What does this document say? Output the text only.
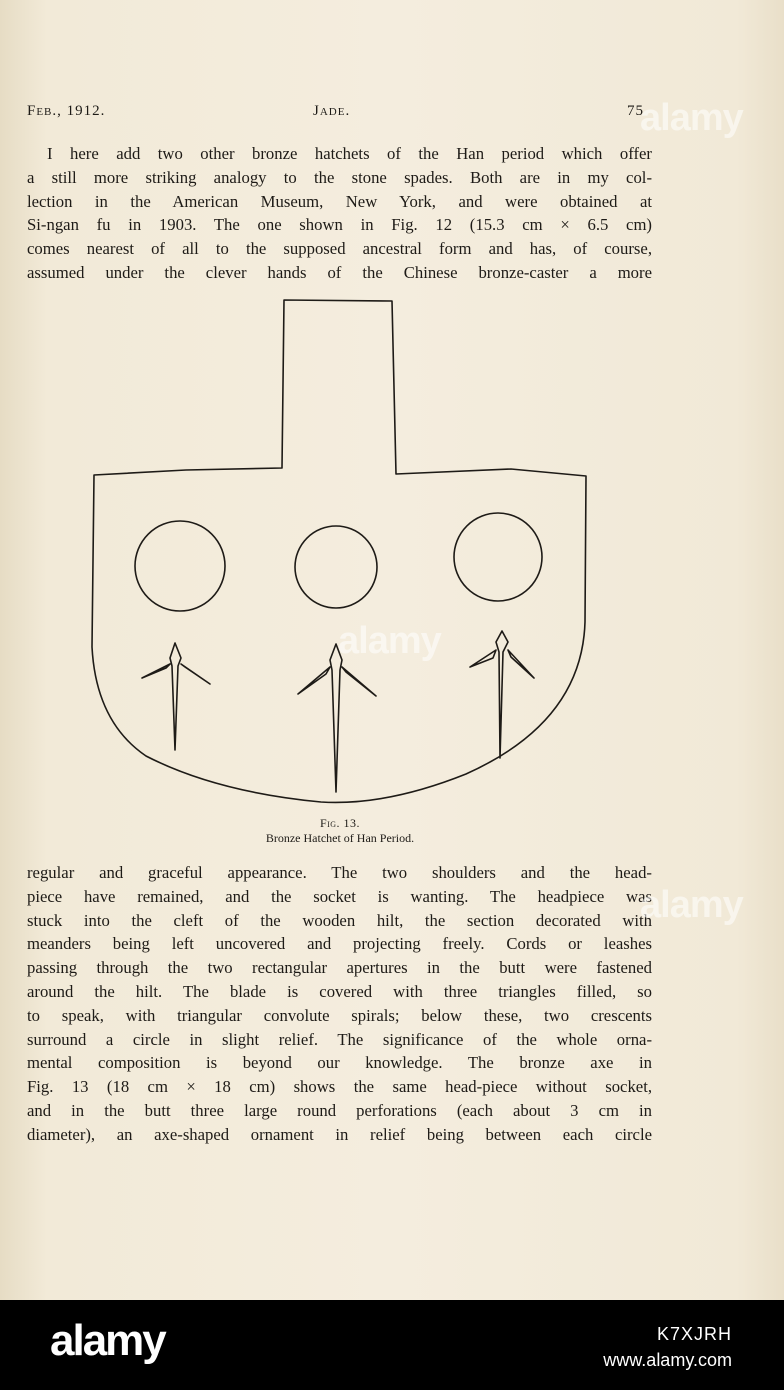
Feb., 1912.	Jade.	75
I here add two other bronze hatchets of the Han period which offer
a still more striking analogy to the stone spades. Both are in my col-
lection in the American Museum, New York, and were obtained at
Si-ngan fu in 1903. The one shown in Fig. 12 (15.3 cm × 6.5 cm)
comes nearest of all to the supposed ancestral form and has, of course,
assumed under the clever hands of the Chinese bronze-caster a more
Fig. 13.
Bronze Hatchet of Han Period.
regular and graceful appearance. The two shoulders and the head-
piece have remained, and the socket is wanting. The headpiece was
stuck into the cleft of the wooden hilt, the section decorated with
meanders being left uncovered and projecting freely. Cords or leashes
passing through the two rectangular apertures in the butt were fastened
around the hilt. The blade is covered with three triangles filled, so
to speak, with triangular convolute spirals; below these, two crescents
surround a circle in slight relief. The significance of the whole orna-
mental composition is beyond our knowledge. The bronze axe in
Fig. 13 (18 cm × 18 cm) shows the same head-piece without socket,
and in the butt three large round perforations (each about 3 cm in
diameter), an axe-shaped ornament in relief being between each circle
alamy
alamy
alamy
alamy	K7XJRH
www.alamy.com
